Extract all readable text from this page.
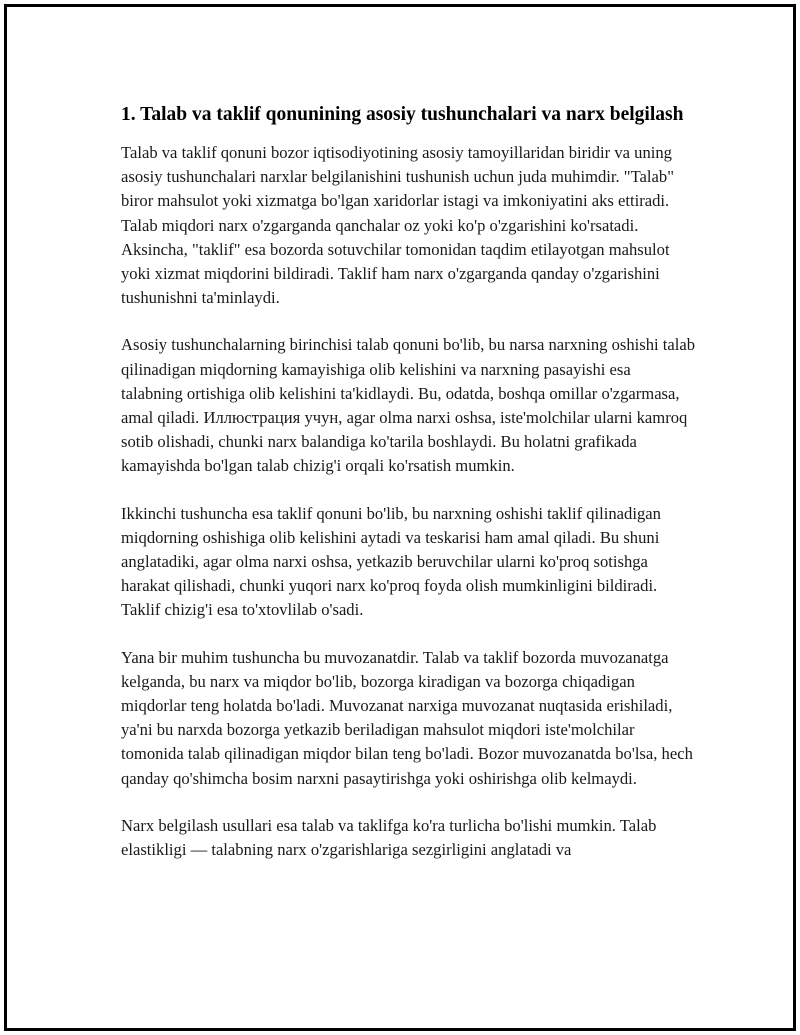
1. Talab va taklif qonunining asosiy tushunchalari va narx belgilash

Talab va taklif qonuni bozor iqtisodiyotining asosiy tamoyillaridan biridir va uning asosiy tushunchalari narxlar belgilanishini tushunish uchun juda muhimdir. "Talab" biror mahsulot yoki xizmatga bo'lgan xaridorlar istagi va imkoniyatini aks ettiradi. Talab miqdori narx o'zgarganda qanchalar oz yoki ko'p o'zgarishini ko'rsatadi. Aksincha, "taklif" esa bozorda sotuvchilar tomonidan taqdim etilayotgan mahsulot yoki xizmat miqdorini bildiradi. Taklif ham narx o'zgarganda qanday o'zgarishini tushunishni ta'minlaydi.

Asosiy tushunchalarning birinchisi talab qonuni bo'lib, bu narsa narxning oshishi talab qilinadigan miqdorning kamayishiga olib kelishini va narxning pasayishi esa talabning ortishiga olib kelishini ta'kidlaydi. Bu, odatda, boshqa omillar o'zgarmasa, amal qiladi. Иллюстрация учун, agar olma narxi oshsa, iste'molchilar ularni kamroq sotib olishadi, chunki narx balandiga ko'tarila boshlaydi. Bu holatni grafikada kamayishda bo'lgan talab chizig'i orqali ko'rsatish mumkin.

Ikkinchi tushuncha esa taklif qonuni bo'lib, bu narxning oshishi taklif qilinadigan miqdorning oshishiga olib kelishini aytadi va teskarisi ham amal qiladi. Bu shuni anglatadiki, agar olma narxi oshsa, yetkazib beruvchilar ularni ko'proq sotishga harakat qilishadi, chunki yuqori narx ko'proq foyda olish mumkinligini bildiradi. Taklif chizig'i esa to'xtovlilab o'sadi.

Yana bir muhim tushuncha bu muvozanatdir. Talab va taklif bozorda muvozanatga kelganda, bu narx va miqdor bo'lib, bozorga kiradigan va bozorga chiqadigan miqdorlar teng holatda bo'ladi. Muvozanat narxiga muvozanat nuqtasida erishiladi, ya'ni bu narxda bozorga yetkazib beriladigan mahsulot miqdori iste'molchilar tomonida talab qilinadigan miqdor bilan teng bo'ladi. Bozor muvozanatda bo'lsa, hech qanday qo'shimcha bosim narxni pasaytirishga yoki oshirishga olib kelmaydi.

Narx belgilash usullari esa talab va taklifga ko'ra turlicha bo'lishi mumkin. Talab elastikligi — talabning narx o'zgarishlariga sezgirligini anglatadi va
